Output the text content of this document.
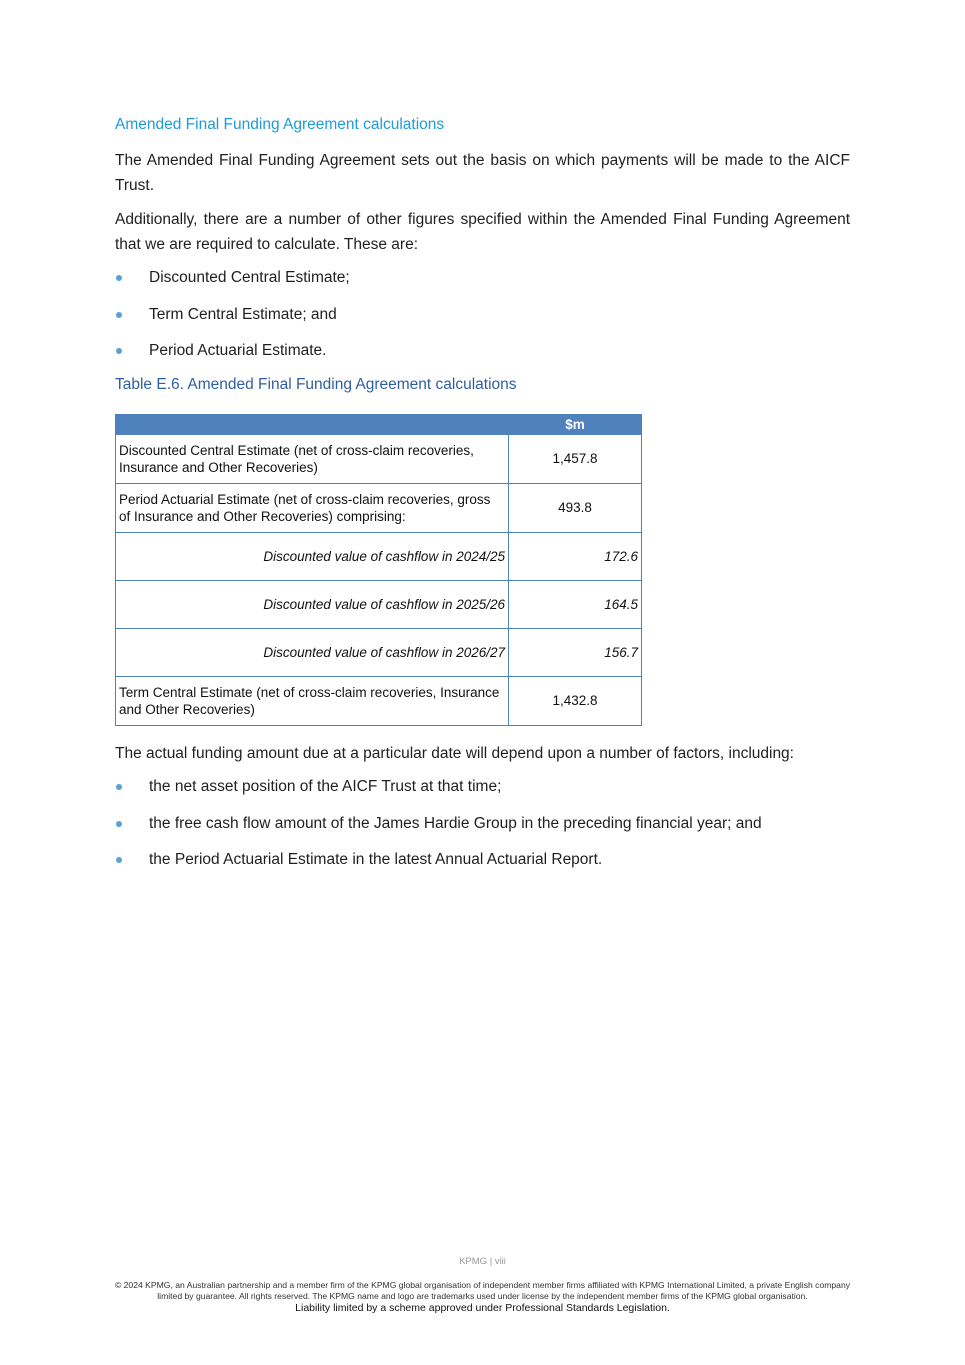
Amended Final Funding Agreement calculations

The Amended Final Funding Agreement sets out the basis on which payments will be made to the AICF Trust.

Additionally, there are a number of other figures specified within the Amended Final Funding Agreement that we are required to calculate. These are:

Discounted Central Estimate;
Term Central Estimate; and
Period Actuarial Estimate.
Table E.6. Amended Final Funding Agreement calculations
	$m
Discounted Central Estimate (net of cross-claim recoveries, Insurance and Other Recoveries)	1,457.8
Period Actuarial Estimate (net of cross-claim recoveries, gross of Insurance and Other Recoveries) comprising:	493.8
Discounted value of cashflow in 2024/25	172.6
Discounted value of cashflow in 2025/26	164.5
Discounted value of cashflow in 2026/27	156.7
Term Central Estimate (net of cross-claim recoveries, Insurance and Other Recoveries)	1,432.8

The actual funding amount due at a particular date will depend upon a number of factors, including:

the net asset position of the AICF Trust at that time;
the free cash flow amount of the James Hardie Group in the preceding financial year; and
the Period Actuarial Estimate in the latest Annual Actuarial Report.
KPMG | viii
© 2024 KPMG, an Australian partnership and a member firm of the KPMG global organisation of independent member firms affiliated with KPMG International Limited, a private English company limited by guarantee. All rights reserved. The KPMG name and logo are trademarks used under license by the independent member firms of the KPMG global organisation.
Liability limited by a scheme approved under Professional Standards Legislation.
